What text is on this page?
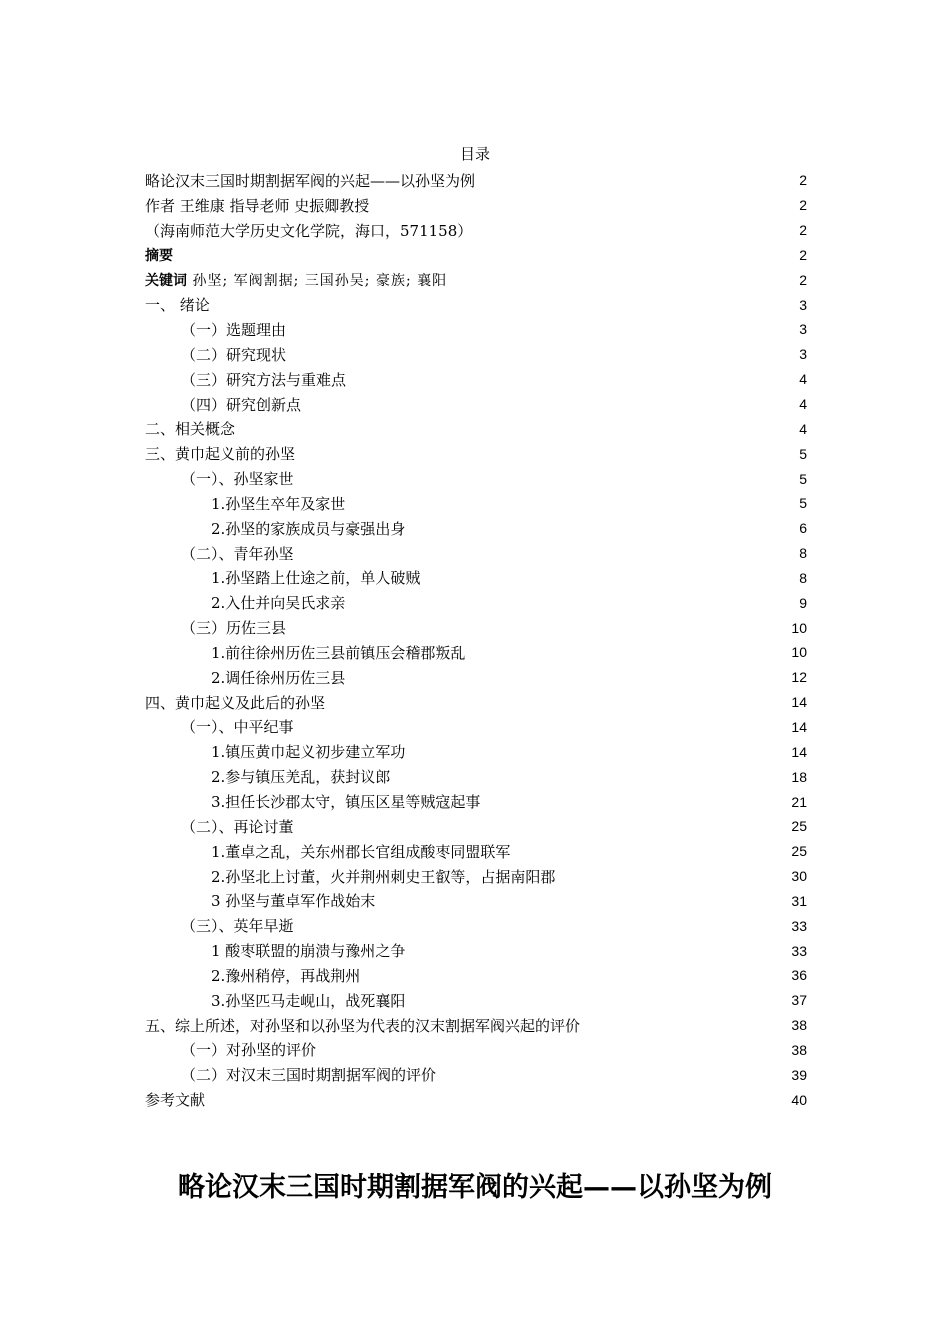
目录
略论汉末三国时期割据军阀的兴起——以孙坚为例	2
作者 王维康 指导老师 史振卿教授	2
（海南师范大学历史文化学院，海口，571158）	2
摘要	2
关键词 孙坚; 军阀割据; 三国孙吴; 豪族; 襄阳	2
一、 绪论	3
（一）选题理由	3
（二）研究现状	3
（三）研究方法与重难点	4
（四）研究创新点	4
二、相关概念	4
三、黄巾起义前的孙坚	5
（一）、孙坚家世	5
1.孙坚生卒年及家世	5
2.孙坚的家族成员与豪强出身	6
（二）、青年孙坚	8
1.孙坚踏上仕途之前，单人破贼	8
2.入仕并向吴氏求亲	9
（三）历佐三县	10
1.前往徐州历佐三县前镇压会稽郡叛乱	10
2.调任徐州历佐三县	12
四、黄巾起义及此后的孙坚	14
（一）、中平纪事	14
1.镇压黄巾起义初步建立军功	14
2.参与镇压羌乱，获封议郎	18
3.担任长沙郡太守，镇压区星等贼寇起事	21
（二）、再论讨董	25
1.董卓之乱，关东州郡长官组成酸枣同盟联军	25
2.孙坚北上讨董，火并荆州刺史王叡等，占据南阳郡	30
3 孙坚与董卓军作战始末	31
（三）、英年早逝	33
1 酸枣联盟的崩溃与豫州之争	33
2.豫州稍停，再战荆州	36
3.孙坚匹马走岘山，战死襄阳	37
五、综上所述，对孙坚和以孙坚为代表的汉末割据军阀兴起的评价	38
（一）对孙坚的评价	38
（二）对汉末三国时期割据军阀的评价	39
参考文献	40
略论汉末三国时期割据军阀的兴起——以孙坚为例
